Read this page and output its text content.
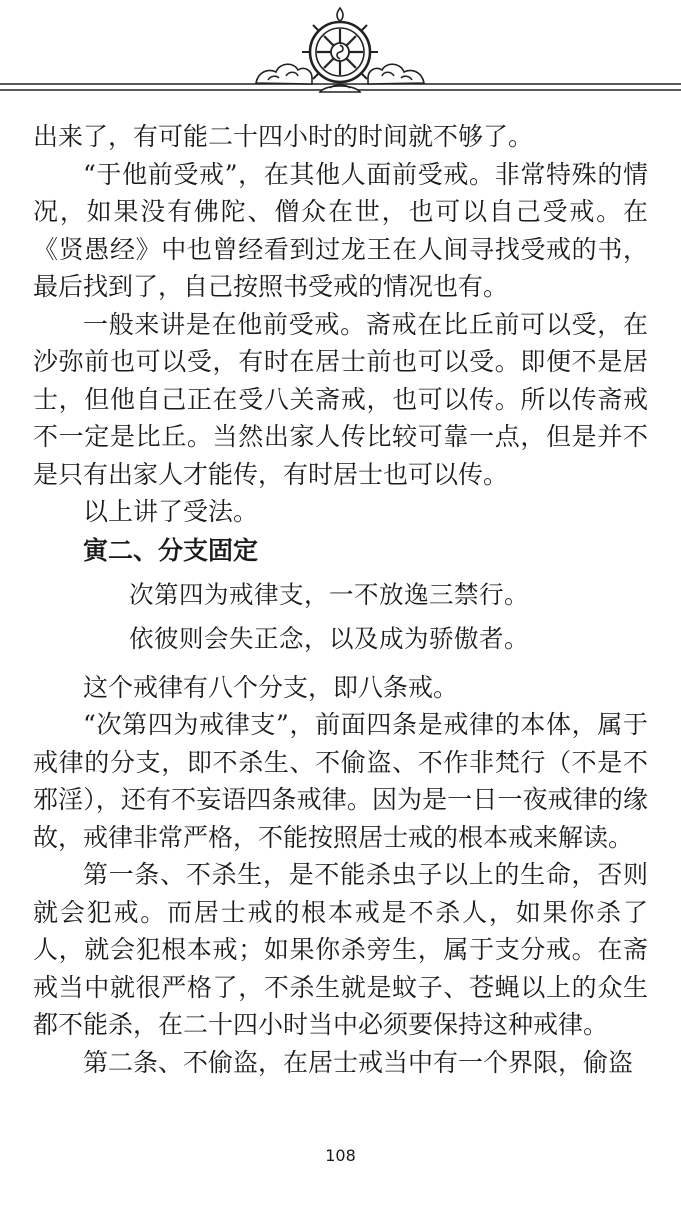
出来了，有可能二十四小时的时间就不够了。

“于他前受戒”，在其他人面前受戒。非常特殊的情况，如果没有佛陀、僧众在世，也可以自己受戒。在《贤愚经》中也曾经看到过龙王在人间寻找受戒的书，最后找到了，自己按照书受戒的情况也有。

一般来讲是在他前受戒。斋戒在比丘前可以受，在沙弥前也可以受，有时在居士前也可以受。即便不是居士，但他自己正在受八关斋戒，也可以传。所以传斋戒不一定是比丘。当然出家人传比较可靠一点，但是并不是只有出家人才能传，有时居士也可以传。

以上讲了受法。

寅二、分支固定

次第四为戒律支，一不放逸三禁行。

依彼则会失正念，以及成为骄傲者。

这个戒律有八个分支，即八条戒。

“次第四为戒律支”，前面四条是戒律的本体，属于戒律的分支，即不杀生、不偷盗、不作非梵行（不是不邪淫），还有不妄语四条戒律。因为是一日一夜戒律的缘故，戒律非常严格，不能按照居士戒的根本戒来解读。

第一条、不杀生，是不能杀虫子以上的生命，否则就会犯戒。而居士戒的根本戒是不杀人，如果你杀了人，就会犯根本戒；如果你杀旁生，属于支分戒。在斋戒当中就很严格了，不杀生就是蚊子、苍蝇以上的众生都不能杀，在二十四小时当中必须要保持这种戒律。

第二条、不偷盗，在居士戒当中有一个界限，偷盗

108
